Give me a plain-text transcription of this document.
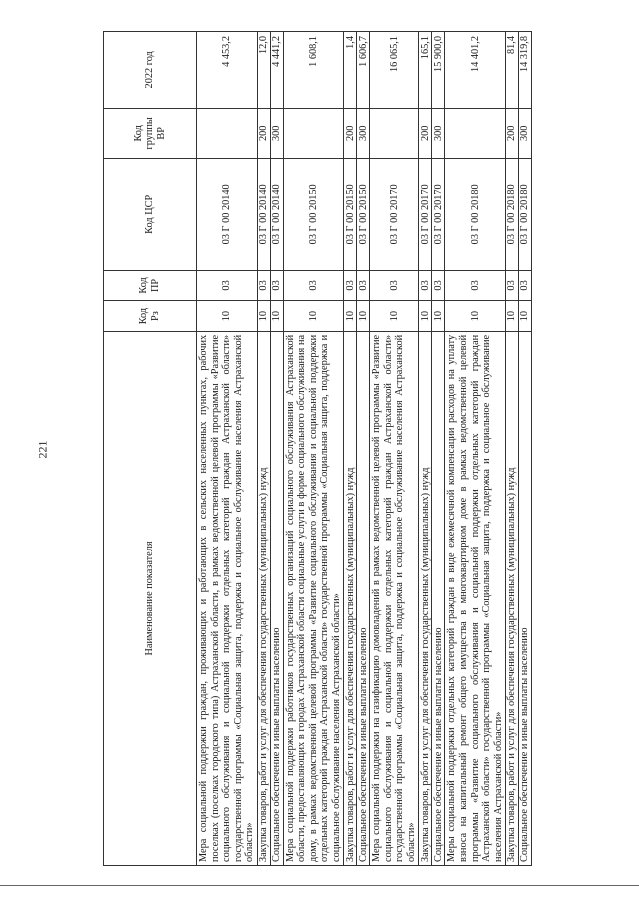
221
Наименование показателя	Код Рз	Код ПР	Код ЦСР	Код группы ВР	2022 год
Мера социальной поддержки граждан, проживающих и работающих в сельских населенных пунктах, рабочих поселках (поселках городского типа) Астраханской области, в рамках ведомственной целевой программы «Развитие социального обслуживания и социальной поддержки отдельных категорий граждан Астраханской области» государственной программы «Социальная защита, поддержка и социальное обслуживание населения Астраханской области»	10	03	03 Г 00 20140		4 453,2
Закупка товаров, работ и услуг для обеспечения государственных (муниципальных) нужд	10	03	03 Г 00 20140	200	12,0
Социальное обеспечение и иные выплаты населению	10	03	03 Г 00 20140	300	4 441,2
Мера социальной поддержки работников государственных организаций социального обслуживания Астраханской области, предоставляющих в городах Астраханской области социальные услуги в форме социального обслуживания на дому, в рамках ведомственной целевой программы «Развитие социального обслуживания и социальной поддержки отдельных категорий граждан Астраханской области» государственной программы «Социальная защита, поддержка и социальное обслуживание населения Астраханской области»	10	03	03 Г 00 20150		1 608,1
Закупка товаров, работ и услуг для обеспечения государственных (муниципальных) нужд	10	03	03 Г 00 20150	200	1,4
Социальное обеспечение и иные выплаты населению	10	03	03 Г 00 20150	300	1 606,7
Мера социальной поддержки на газификацию домовладений в рамках ведомственной целевой программы «Развитие социального обслуживания и социальной поддержки отдельных категорий граждан Астраханской области» государственной программы «Социальная защита, поддержка и социальное обслуживание населения Астраханской области»	10	03	03 Г 00 20170		16 065,1
Закупка товаров, работ и услуг для обеспечения государственных (муниципальных) нужд	10	03	03 Г 00 20170	200	165,1
Социальное обеспечение и иные выплаты населению	10	03	03 Г 00 20170	300	15 900,0
Меры социальной поддержки отдельных категорий граждан в виде ежемесячной компенсации расходов на уплату взноса на капитальный ремонт общего имущества в многоквартирном доме в рамках ведомственной целевой программы «Развитие социального обслуживания и социальной поддержки отдельных категорий граждан Астраханской области» государственной программы «Социальная защита, поддержка и социальное обслуживание населения Астраханской области»	10	03	03 Г 00 20180		14 401,2
Закупка товаров, работ и услуг для обеспечения государственных (муниципальных) нужд	10	03	03 Г 00 20180	200	81,4
Социальное обеспечение и иные выплаты населению	10	03	03 Г 00 20180	300	14 319,8
